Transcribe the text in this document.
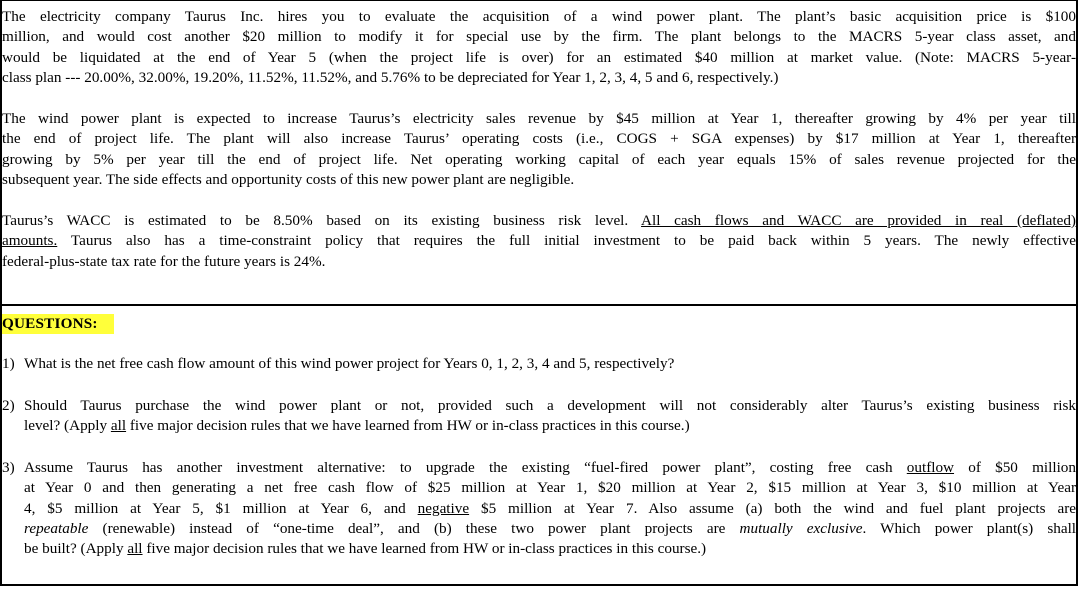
The electricity company Taurus Inc. hires you to evaluate the acquisition of a wind power plant. The plant’s basic acquisition price is $100
million, and would cost another $20 million to modify it for special use by the firm. The plant belongs to the MACRS 5-year class asset, and
would be liquidated at the end of Year 5 (when the project life is over) for an estimated $40 million at market value. (Note: MACRS 5-year-
class plan --- 20.00%, 32.00%, 19.20%, 11.52%, 11.52%, and 5.76% to be depreciated for Year 1, 2, 3, 4, 5 and 6, respectively.)
The wind power plant is expected to increase Taurus’s electricity sales revenue by $45 million at Year 1, thereafter growing by 4% per year till
the end of project life. The plant will also increase Taurus’ operating costs (i.e., COGS + SGA expenses) by $17 million at Year 1, thereafter
growing by 5% per year till the end of project life. Net operating working capital of each year equals 15% of sales revenue projected for the
subsequent year. The side effects and opportunity costs of this new power plant are negligible.
Taurus’s WACC is estimated to be 8.50% based on its existing business risk level. All cash flows and WACC are provided in real (deflated)
amounts. Taurus also has a time-constraint policy that requires the full initial investment to be paid back within 5 years. The newly effective
federal-plus-state tax rate for the future years is 24%.
QUESTIONS:
1) What is the net free cash flow amount of this wind power project for Years 0, 1, 2, 3, 4 and 5, respectively?
2) Should Taurus purchase the wind power plant or not, provided such a development will not considerably alter Taurus’s existing business risk
level? (Apply all five major decision rules that we have learned from HW or in-class practices in this course.)
3) Assume Taurus has another investment alternative: to upgrade the existing “fuel-fired power plant”, costing free cash outflow of $50 million
at Year 0 and then generating a net free cash flow of $25 million at Year 1, $20 million at Year 2, $15 million at Year 3, $10 million at Year
4, $5 million at Year 5, $1 million at Year 6, and negative $5 million at Year 7. Also assume (a) both the wind and fuel plant projects are
repeatable (renewable) instead of “one-time deal”, and (b) these two power plant projects are mutually exclusive. Which power plant(s) shall
be built? (Apply all five major decision rules that we have learned from HW or in-class practices in this course.)
